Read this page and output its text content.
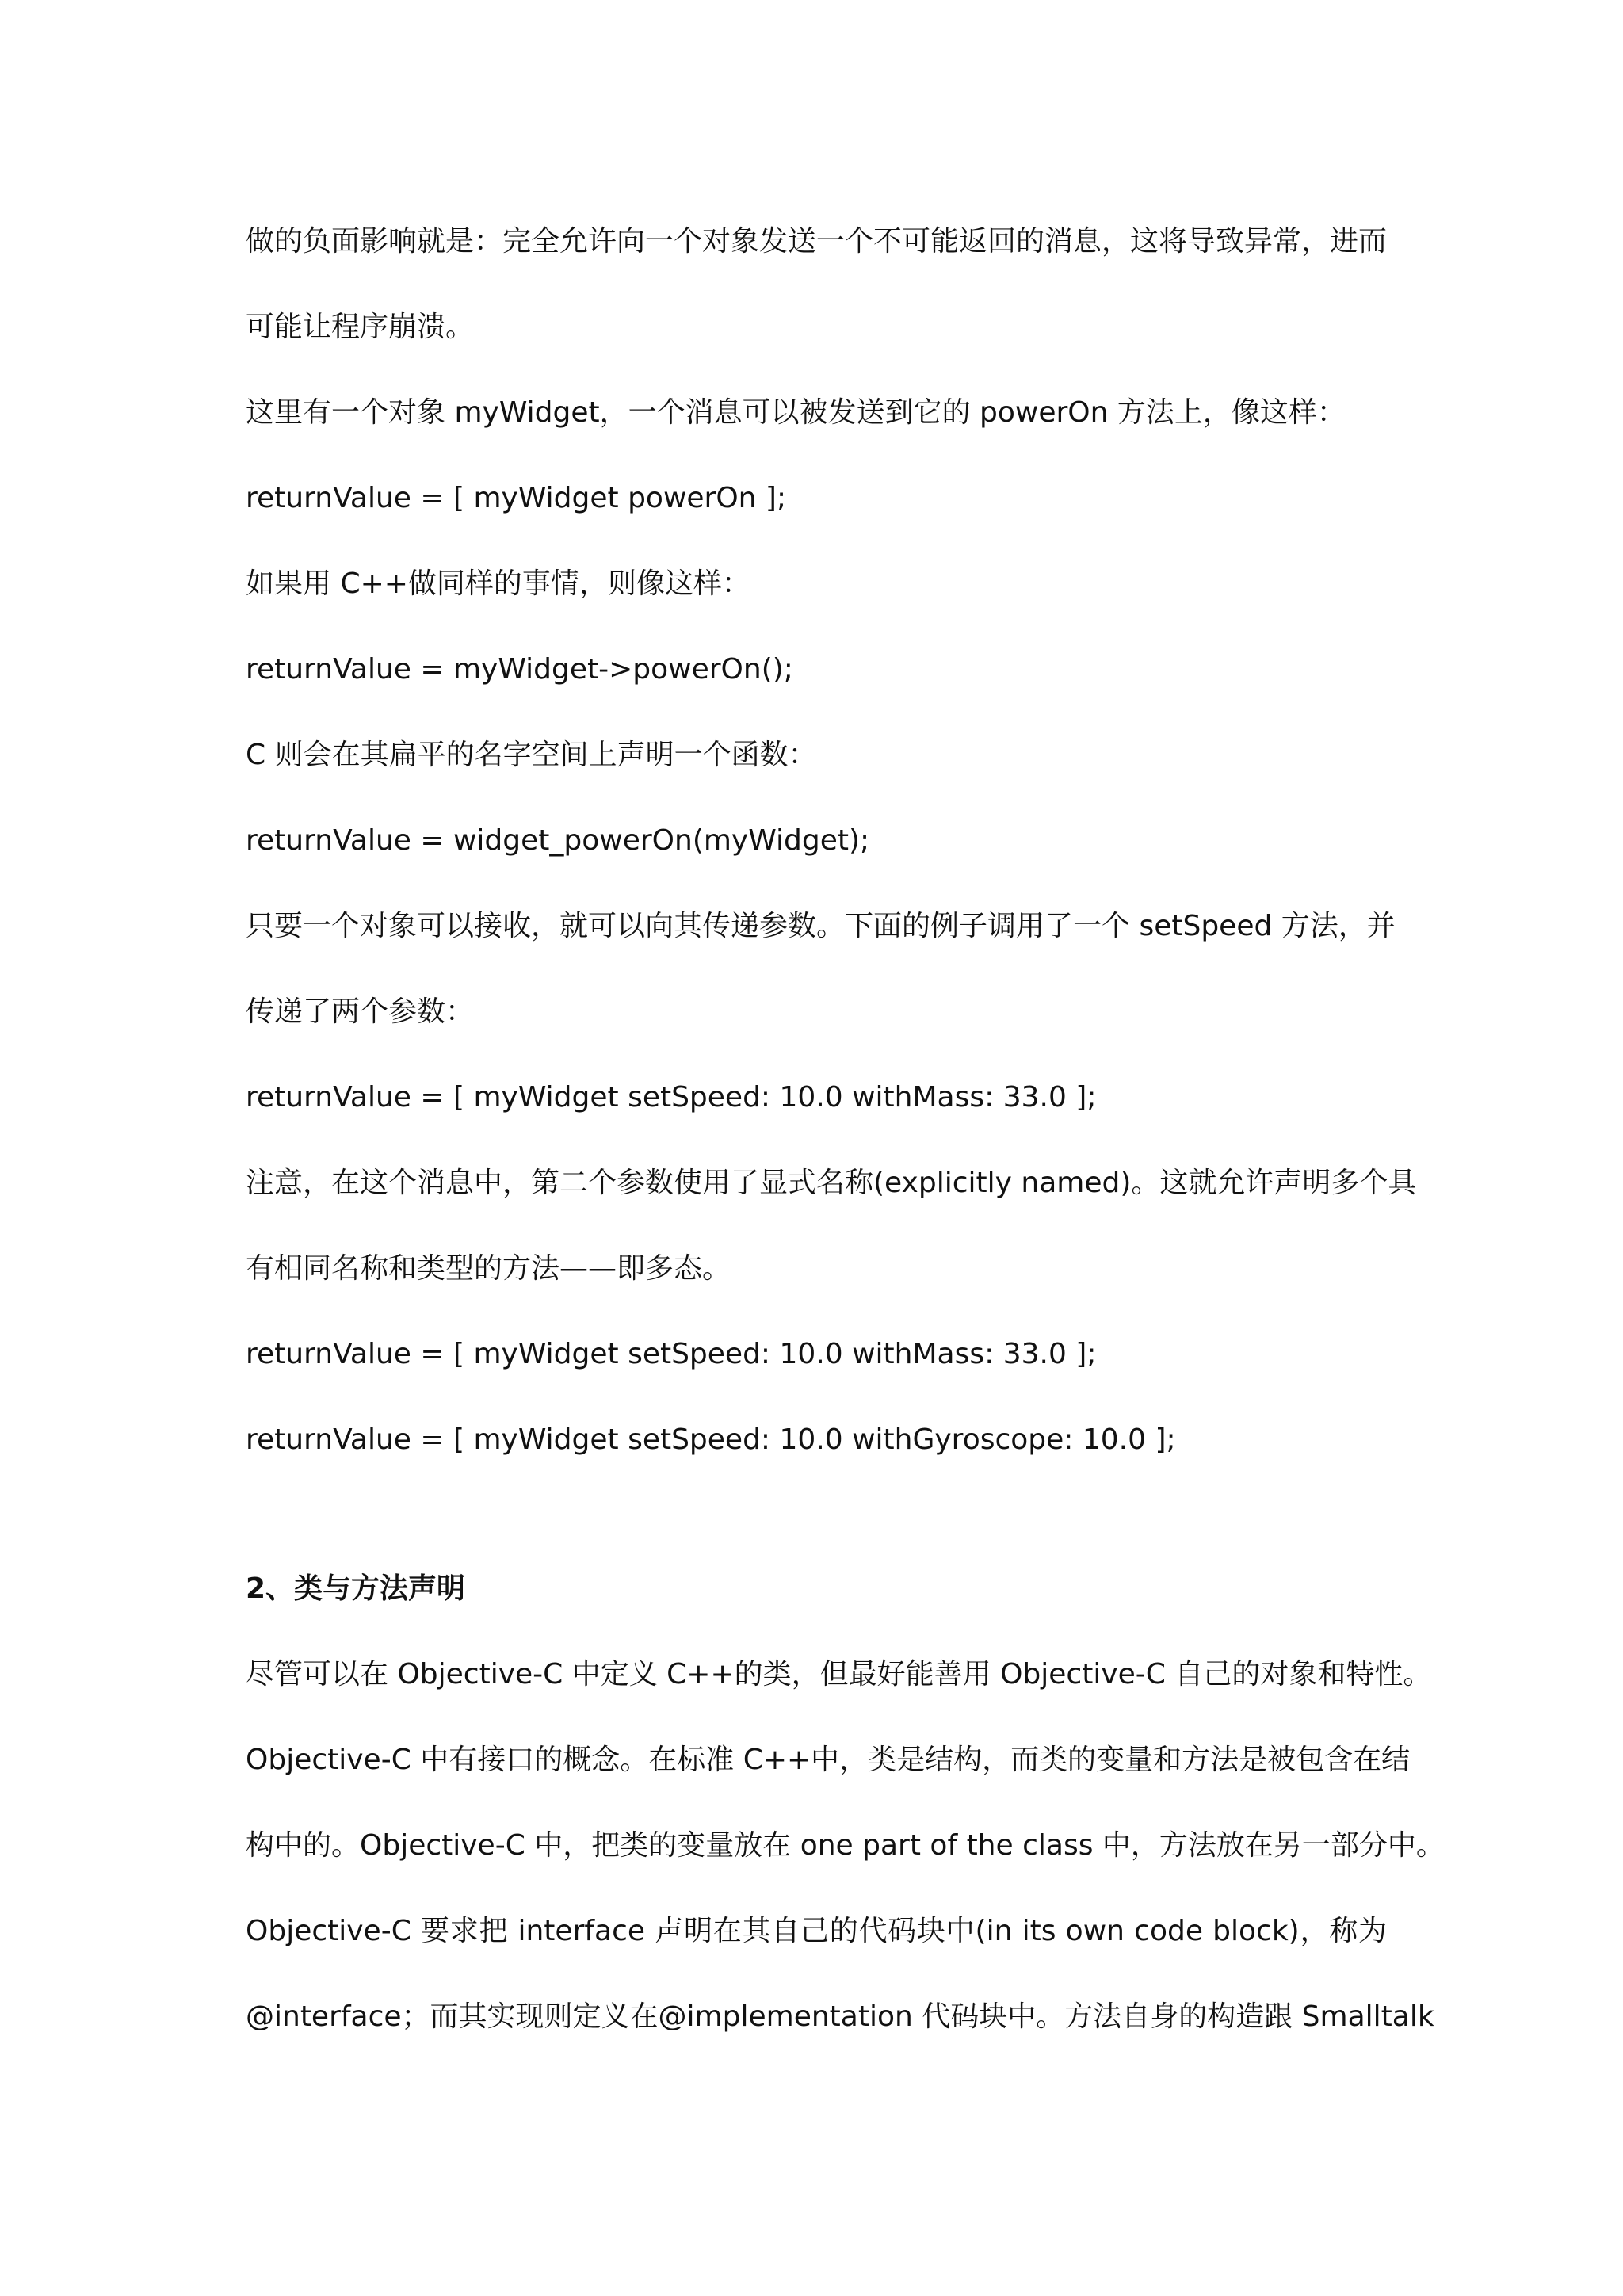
做的负面影响就是：完全允许向一个对象发送一个不可能返回的消息，这将导致异常，进而
可能让程序崩溃。
这里有一个对象 myWidget，一个消息可以被发送到它的 powerOn 方法上，像这样：
returnValue = [ myWidget powerOn ];
如果用 C++做同样的事情，则像这样：
returnValue = myWidget->powerOn();
C 则会在其扁平的名字空间上声明一个函数：
returnValue = widget_powerOn(myWidget);
只要一个对象可以接收，就可以向其传递参数。下面的例子调用了一个 setSpeed 方法，并
传递了两个参数：
returnValue = [ myWidget setSpeed: 10.0 withMass: 33.0 ];
注意，在这个消息中，第二个参数使用了显式名称(explicitly named)。这就允许声明多个具
有相同名称和类型的方法——即多态。
returnValue = [ myWidget setSpeed: 10.0 withMass: 33.0 ];
returnValue = [ myWidget setSpeed: 10.0 withGyroscope: 10.0 ];
2、类与方法声明
尽管可以在 Objective-C 中定义 C++的类，但最好能善用 Objective-C 自己的对象和特性。
Objective-C 中有接口的概念。在标准 C++中，类是结构，而类的变量和方法是被包含在结
构中的。Objective-C 中，把类的变量放在 one part of the class 中，方法放在另一部分中。
Objective-C 要求把 interface 声明在其自己的代码块中(in its own code block)，称为
@interface；而其实现则定义在@implementation 代码块中。方法自身的构造跟 Smalltalk
